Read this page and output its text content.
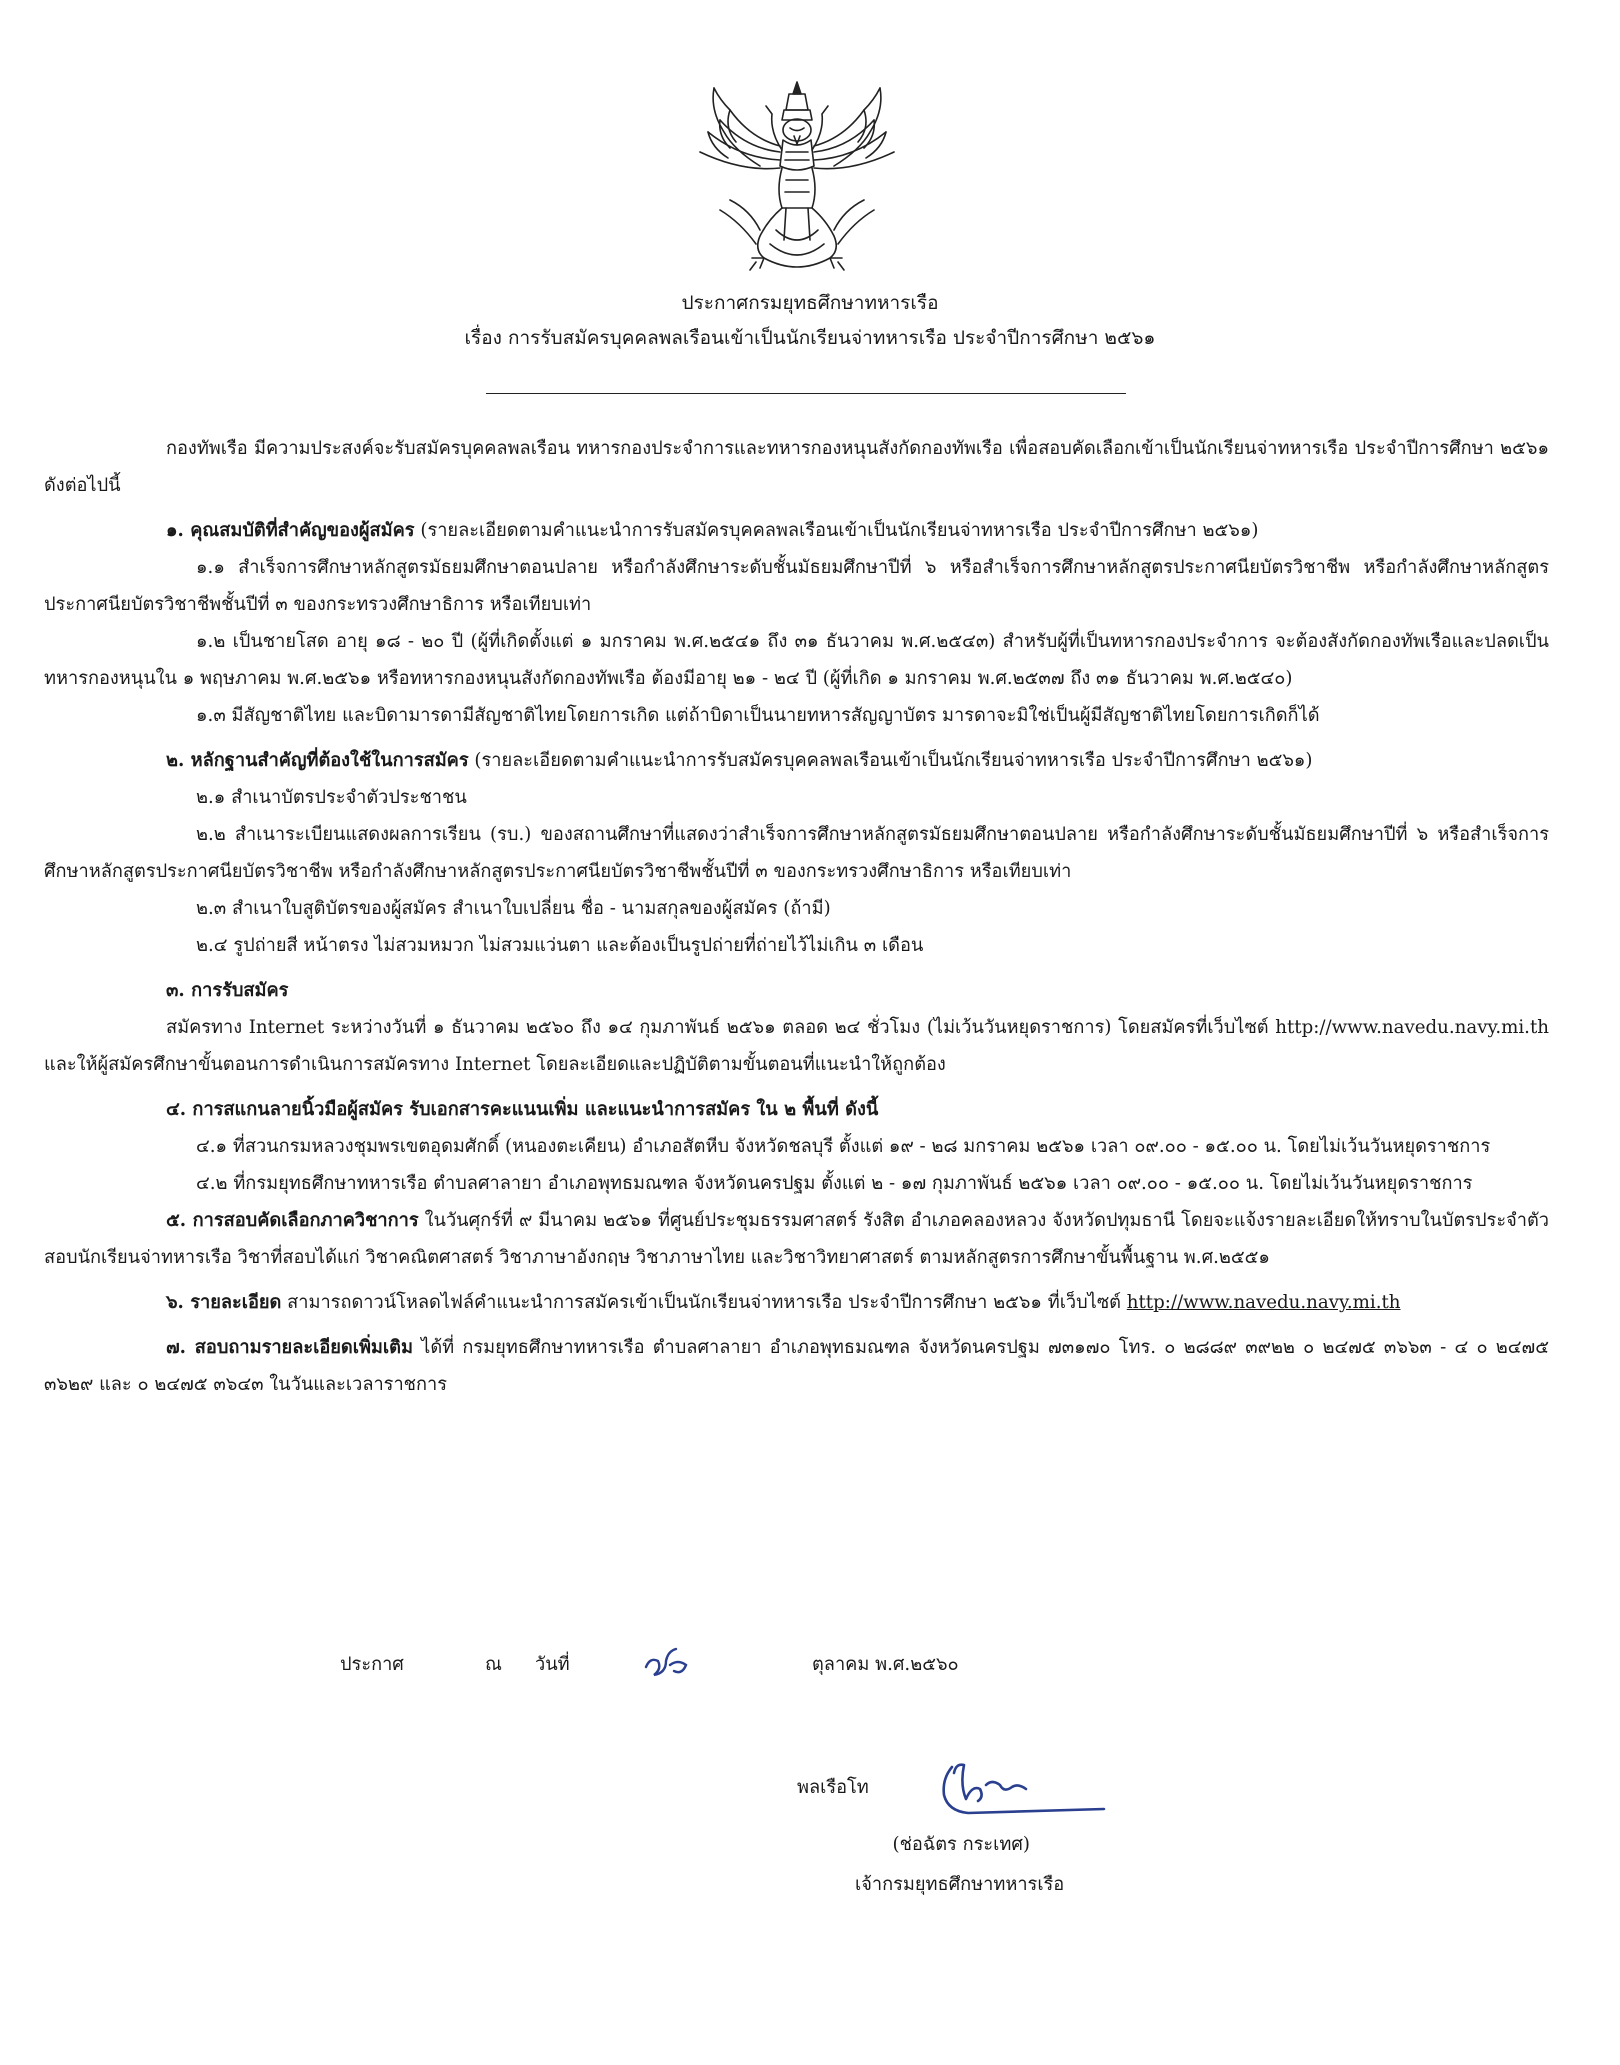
ประกาศกรมยุทธศึกษาทหารเรือ
เรื่อง การรับสมัครบุคคลพลเรือนเข้าเป็นนักเรียนจ่าทหารเรือ ประจำปีการศึกษา ๒๕๖๑

กองทัพเรือ มีความประสงค์จะรับสมัครบุคคลพลเรือน ทหารกองประจำการและทหารกองหนุนสังกัดกองทัพเรือ เพื่อสอบคัดเลือกเข้าเป็นนักเรียนจ่าทหารเรือ ประจำปีการศึกษา ๒๕๖๑ ดังต่อไปนี้

๑. คุณสมบัติที่สำคัญของผู้สมัคร (รายละเอียดตามคำแนะนำการรับสมัครบุคคลพลเรือนเข้าเป็นนักเรียนจ่าทหารเรือ ประจำปีการศึกษา ๒๕๖๑)

๑.๑ สำเร็จการศึกษาหลักสูตรมัธยมศึกษาตอนปลาย หรือกำลังศึกษาระดับชั้นมัธยมศึกษาปีที่ ๖ หรือสำเร็จการศึกษาหลักสูตรประกาศนียบัตรวิชาชีพ หรือกำลังศึกษาหลักสูตรประกาศนียบัตรวิชาชีพชั้นปีที่ ๓ ของกระทรวงศึกษาธิการ หรือเทียบเท่า

๑.๒ เป็นชายโสด อายุ ๑๘ - ๒๐ ปี (ผู้ที่เกิดตั้งแต่ ๑ มกราคม พ.ศ.๒๕๔๑ ถึง ๓๑ ธันวาคม พ.ศ.๒๕๔๓) สำหรับผู้ที่เป็นทหารกองประจำการ จะต้องสังกัดกองทัพเรือและปลดเป็นทหารกองหนุนใน ๑ พฤษภาคม พ.ศ.๒๕๖๑ หรือทหารกองหนุนสังกัดกองทัพเรือ ต้องมีอายุ ๒๑ - ๒๔ ปี (ผู้ที่เกิด ๑ มกราคม พ.ศ.๒๕๓๗ ถึง ๓๑ ธันวาคม พ.ศ.๒๕๔๐)

๑.๓ มีสัญชาติไทย และบิดามารดามีสัญชาติไทยโดยการเกิด แต่ถ้าบิดาเป็นนายทหารสัญญาบัตร มารดาจะมิใช่เป็นผู้มีสัญชาติไทยโดยการเกิดก็ได้

๒. หลักฐานสำคัญที่ต้องใช้ในการสมัคร (รายละเอียดตามคำแนะนำการรับสมัครบุคคลพลเรือนเข้าเป็นนักเรียนจ่าทหารเรือ ประจำปีการศึกษา ๒๕๖๑)

๒.๑ สำเนาบัตรประจำตัวประชาชน

๒.๒ สำเนาระเบียนแสดงผลการเรียน (รบ.) ของสถานศึกษาที่แสดงว่าสำเร็จการศึกษาหลักสูตรมัธยมศึกษาตอนปลาย หรือกำลังศึกษาระดับชั้นมัธยมศึกษาปีที่ ๖ หรือสำเร็จการศึกษาหลักสูตรประกาศนียบัตรวิชาชีพ หรือกำลังศึกษาหลักสูตรประกาศนียบัตรวิชาชีพชั้นปีที่ ๓ ของกระทรวงศึกษาธิการ หรือเทียบเท่า

๒.๓ สำเนาใบสูติบัตรของผู้สมัคร สำเนาใบเปลี่ยน ชื่อ - นามสกุลของผู้สมัคร (ถ้ามี)

๒.๔ รูปถ่ายสี หน้าตรง ไม่สวมหมวก ไม่สวมแว่นตา และต้องเป็นรูปถ่ายที่ถ่ายไว้ไม่เกิน ๓ เดือน

๓. การรับสมัคร

สมัครทาง Internet ระหว่างวันที่ ๑ ธันวาคม ๒๕๖๐ ถึง ๑๔ กุมภาพันธ์ ๒๕๖๑ ตลอด ๒๔ ชั่วโมง (ไม่เว้นวันหยุดราชการ) โดยสมัครที่เว็บไซต์ http://www.navedu.navy.mi.th และให้ผู้สมัครศึกษาขั้นตอนการดำเนินการสมัครทาง Internet โดยละเอียดและปฏิบัติตามขั้นตอนที่แนะนำให้ถูกต้อง

๔. การสแกนลายนิ้วมือผู้สมัคร รับเอกสารคะแนนเพิ่ม และแนะนำการสมัคร ใน ๒ พื้นที่ ดังนี้

๔.๑ ที่สวนกรมหลวงชุมพรเขตอุดมศักดิ์ (หนองตะเคียน) อำเภอสัตหีบ จังหวัดชลบุรี ตั้งแต่ ๑๙ - ๒๘ มกราคม ๒๕๖๑ เวลา ๐๙.๐๐ - ๑๕.๐๐ น. โดยไม่เว้นวันหยุดราชการ

๔.๒ ที่กรมยุทธศึกษาทหารเรือ ตำบลศาลายา อำเภอพุทธมณฑล จังหวัดนครปฐม ตั้งแต่ ๒ - ๑๗ กุมภาพันธ์ ๒๕๖๑ เวลา ๐๙.๐๐ - ๑๕.๐๐ น. โดยไม่เว้นวันหยุดราชการ

๕. การสอบคัดเลือกภาควิชาการ ในวันศุกร์ที่ ๙ มีนาคม ๒๕๖๑ ที่ศูนย์ประชุมธรรมศาสตร์ รังสิต อำเภอคลองหลวง จังหวัดปทุมธานี โดยจะแจ้งรายละเอียดให้ทราบในบัตรประจำตัวสอบนักเรียนจ่าทหารเรือ วิชาที่สอบได้แก่ วิชาคณิตศาสตร์ วิชาภาษาอังกฤษ วิชาภาษาไทย และวิชาวิทยาศาสตร์ ตามหลักสูตรการศึกษาขั้นพื้นฐาน พ.ศ.๒๕๕๑

๖. รายละเอียด สามารถดาวน์โหลดไฟล์คำแนะนำการสมัครเข้าเป็นนักเรียนจ่าทหารเรือ ประจำปีการศึกษา ๒๕๖๑ ที่เว็บไซต์ http://www.navedu.navy.mi.th

๗. สอบถามรายละเอียดเพิ่มเติม ได้ที่ กรมยุทธศึกษาทหารเรือ ตำบลศาลายา อำเภอพุทธมณฑล จังหวัดนครปฐม ๗๓๑๗๐ โทร. ๐ ๒๘๘๙ ๓๙๒๒ ๐ ๒๔๗๕ ๓๖๖๓ - ๔ ๐ ๒๔๗๕ ๓๖๒๙ และ ๐ ๒๔๗๕ ๓๖๔๓ ในวันและเวลาราชการ

ประกาศ	ณ วันที่	ตุลาคม พ.ศ.๒๕๖๐
พลเรือโท
(ช่อฉัตร กระเทศ)
เจ้ากรมยุทธศึกษาทหารเรือ
